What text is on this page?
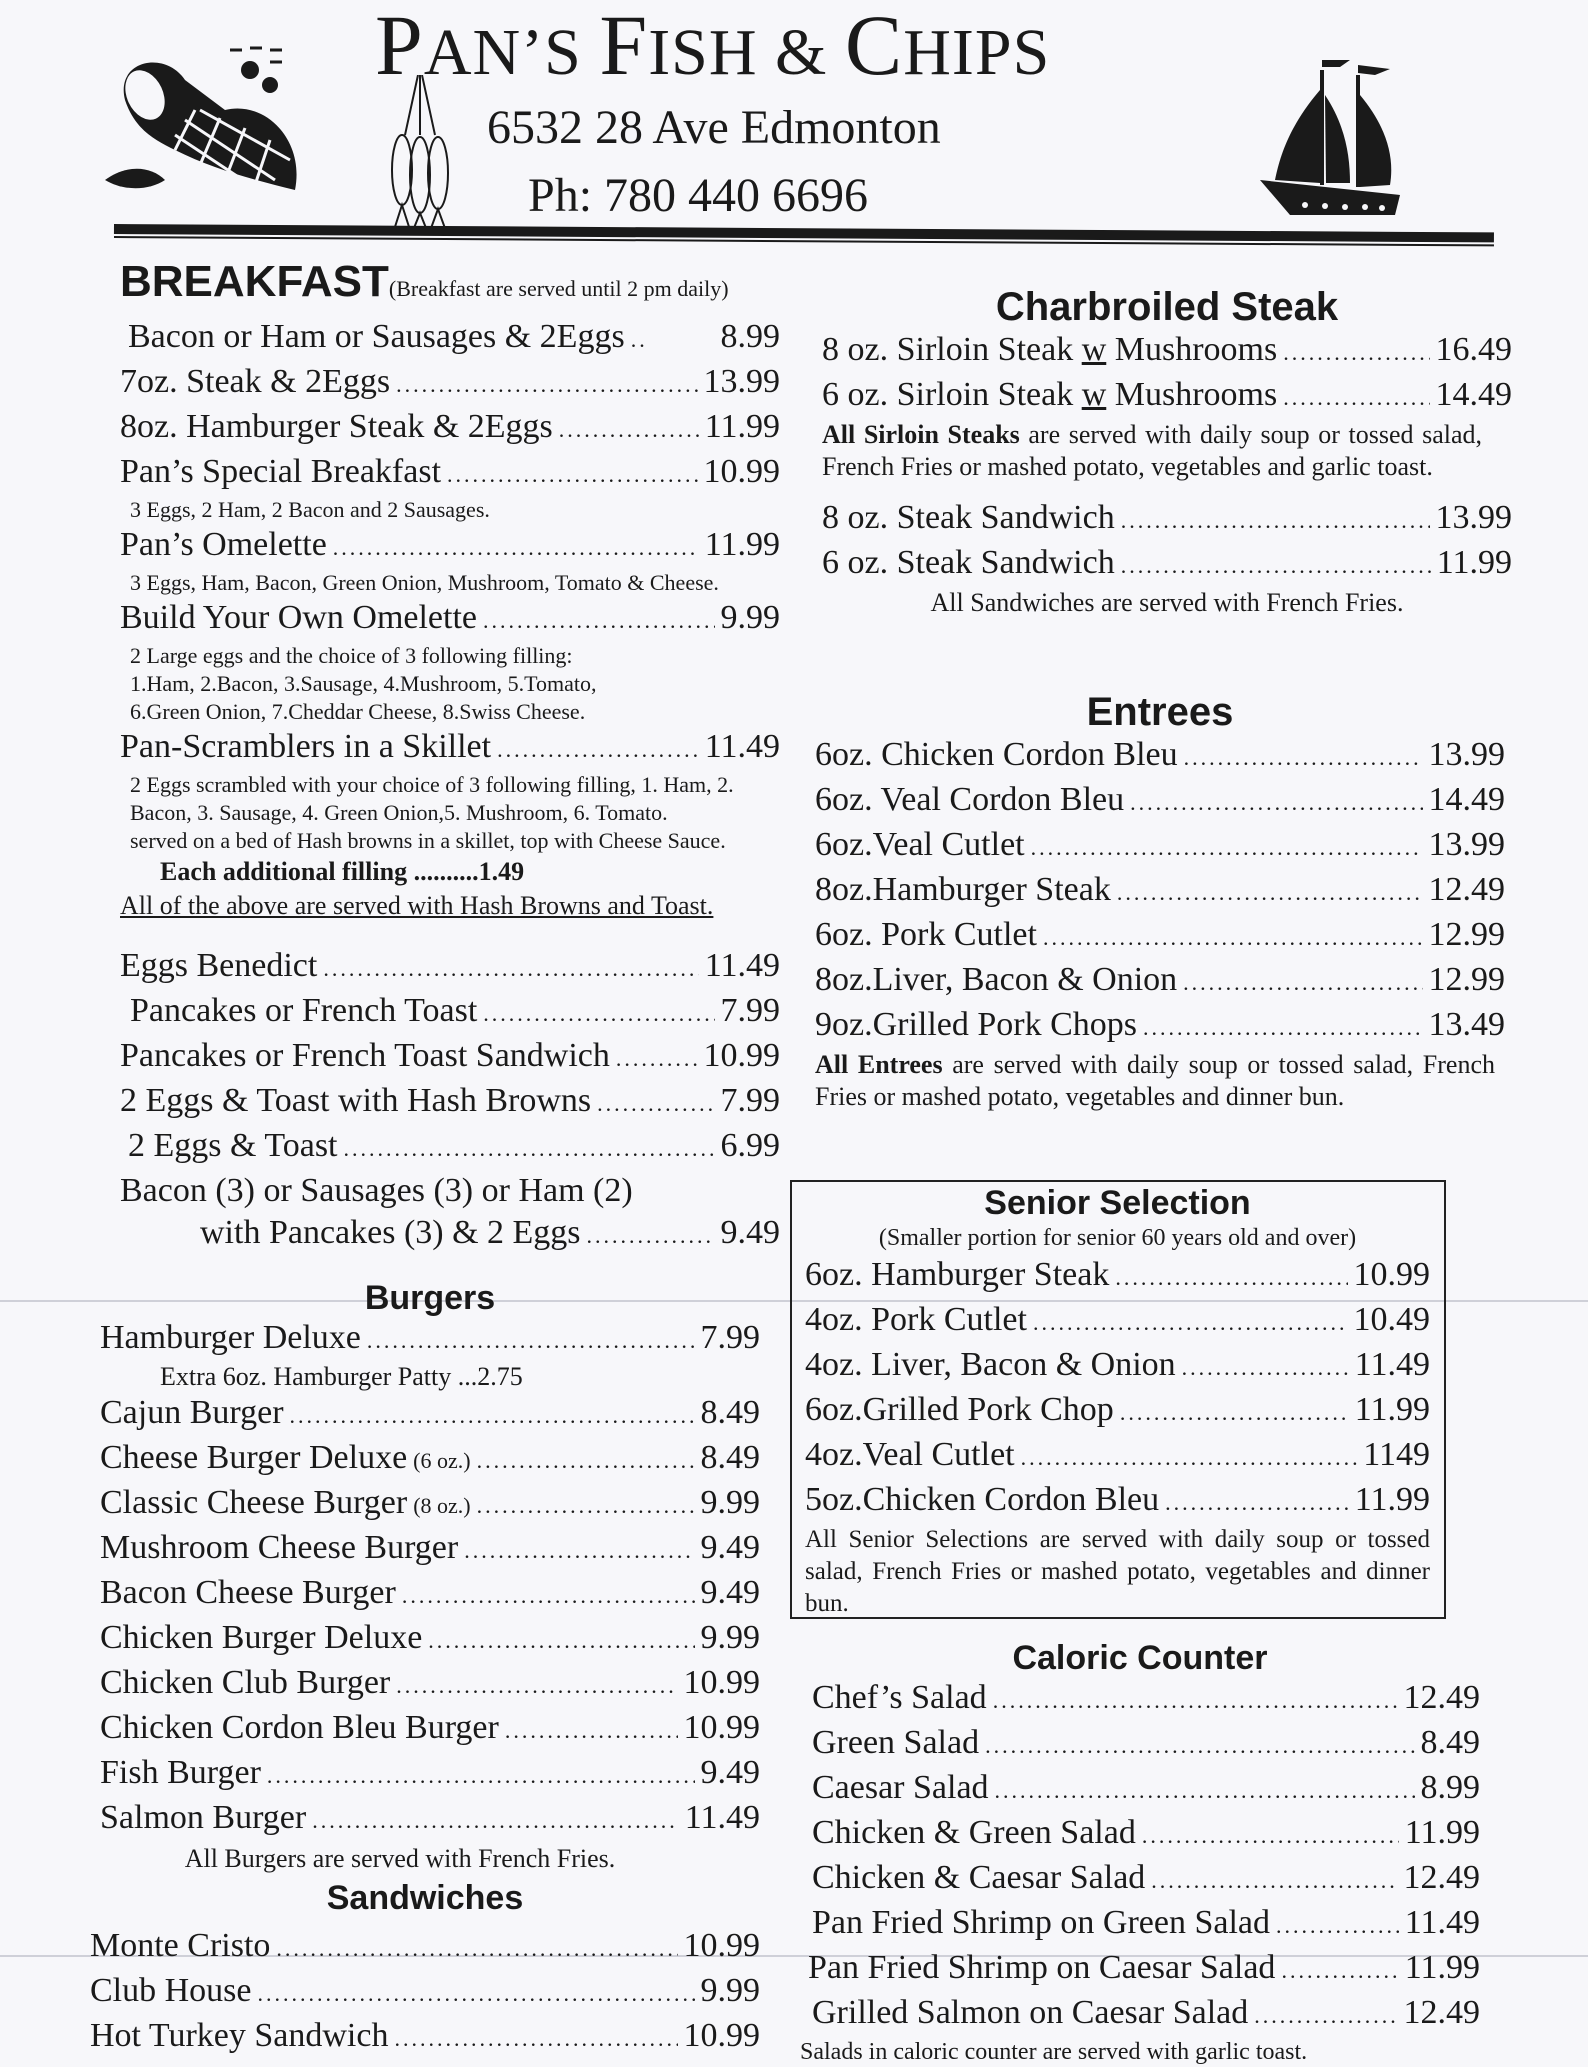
PAN’S FISH & CHIPS
6532 28 Ave Edmonton
Ph: 780 440 6696
BREAKFAST(Breakfast are served until 2 pm daily)
Bacon or Ham or Sausages & 2Eggs .....	8.99
7oz. Steak & 2Eggs .....	13.99
8oz. Hamburger Steak & 2Eggs .....	11.99
Pan’s Special Breakfast .....	10.99
3 Eggs, 2 Ham, 2 Bacon and 2 Sausages.
Pan’s Omelette .....	11.99
3 Eggs, Ham, Bacon, Green Onion, Mushroom, Tomato & Cheese.
Build Your Own Omelette .....	9.99
2 Large eggs and the choice of 3 following filling:
1.Ham, 2.Bacon, 3.Sausage, 4.Mushroom, 5.Tomato,
6.Green Onion, 7.Cheddar Cheese, 8.Swiss Cheese.
Pan-Scramblers in a Skillet .....	11.49
2 Eggs scrambled with your choice of 3 following filling, 1. Ham, 2. Bacon, 3. Sausage, 4. Green Onion,5. Mushroom, 6. Tomato.
served on a bed of Hash browns in a skillet, top with Cheese Sauce.
Each additional filling ..........1.49
All of the above are served with Hash Browns and Toast.
Eggs Benedict .....	11.49
Pancakes or French Toast .....	7.99
Pancakes or French Toast Sandwich .....	10.99
2 Eggs & Toast with Hash Browns .....	7.99
2 Eggs & Toast .....	6.99
Bacon (3) or Sausages (3) or Ham (2)
with Pancakes (3) & 2 Eggs .....	9.49
Burgers
Hamburger Deluxe .....	7.99
Extra 6oz. Hamburger Patty ...2.75
Cajun Burger .....	8.49
Cheese Burger Deluxe (6 oz.) .....	8.49
Classic Cheese Burger (8 oz.) .....	9.99
Mushroom Cheese Burger .....	9.49
Bacon Cheese Burger .....	9.49
Chicken Burger Deluxe .....	9.99
Chicken Club Burger .....	10.99
Chicken Cordon Bleu Burger .....	10.99
Fish Burger .....	9.49
Salmon Burger .....	11.49
All Burgers are served with French Fries.
Sandwiches
Monte Cristo .....	10.99
Club House .....	9.99
Hot Turkey Sandwich .....	10.99
Charbroiled Steak
8 oz. Sirloin Steak w Mushrooms .....	16.49
6 oz. Sirloin Steak w Mushrooms .....	14.49
All Sirloin Steaks are served with daily soup or tossed salad, French Fries or mashed potato, vegetables and garlic toast.
8 oz. Steak Sandwich .....	13.99
6 oz. Steak Sandwich .....	11.99
All Sandwiches are served with French Fries.
Entrees
6oz. Chicken Cordon Bleu .....	13.99
6oz. Veal Cordon Bleu .....	14.49
6oz.Veal Cutlet .....	13.99
8oz.Hamburger Steak .....	12.49
6oz. Pork Cutlet .....	12.99
8oz.Liver, Bacon & Onion .....	12.99
9oz.Grilled Pork Chops .....	13.49
All Entrees are served with daily soup or tossed salad, French Fries or mashed potato, vegetables and dinner bun.
Senior Selection
(Smaller portion for senior 60 years old and over)
6oz. Hamburger Steak .....	10.99
4oz. Pork Cutlet .....	10.49
4oz. Liver, Bacon & Onion .....	11.49
6oz.Grilled Pork Chop .....	11.99
4oz.Veal Cutlet .....	1149
5oz.Chicken Cordon Bleu .....	11.99
All Senior Selections are served with daily soup or tossed salad, French Fries or mashed potato, vegetables and dinner bun.
Caloric Counter
Chef’s Salad .....	12.49
Green Salad .....	8.49
Caesar Salad .....	8.99
Chicken & Green Salad .....	11.99
Chicken & Caesar Salad .....	12.49
Pan Fried Shrimp on Green Salad .....	11.49
Pan Fried Shrimp on Caesar Salad .....	11.99
Grilled Salmon on Caesar Salad .....	12.49
Salads in caloric counter are served with garlic toast.
